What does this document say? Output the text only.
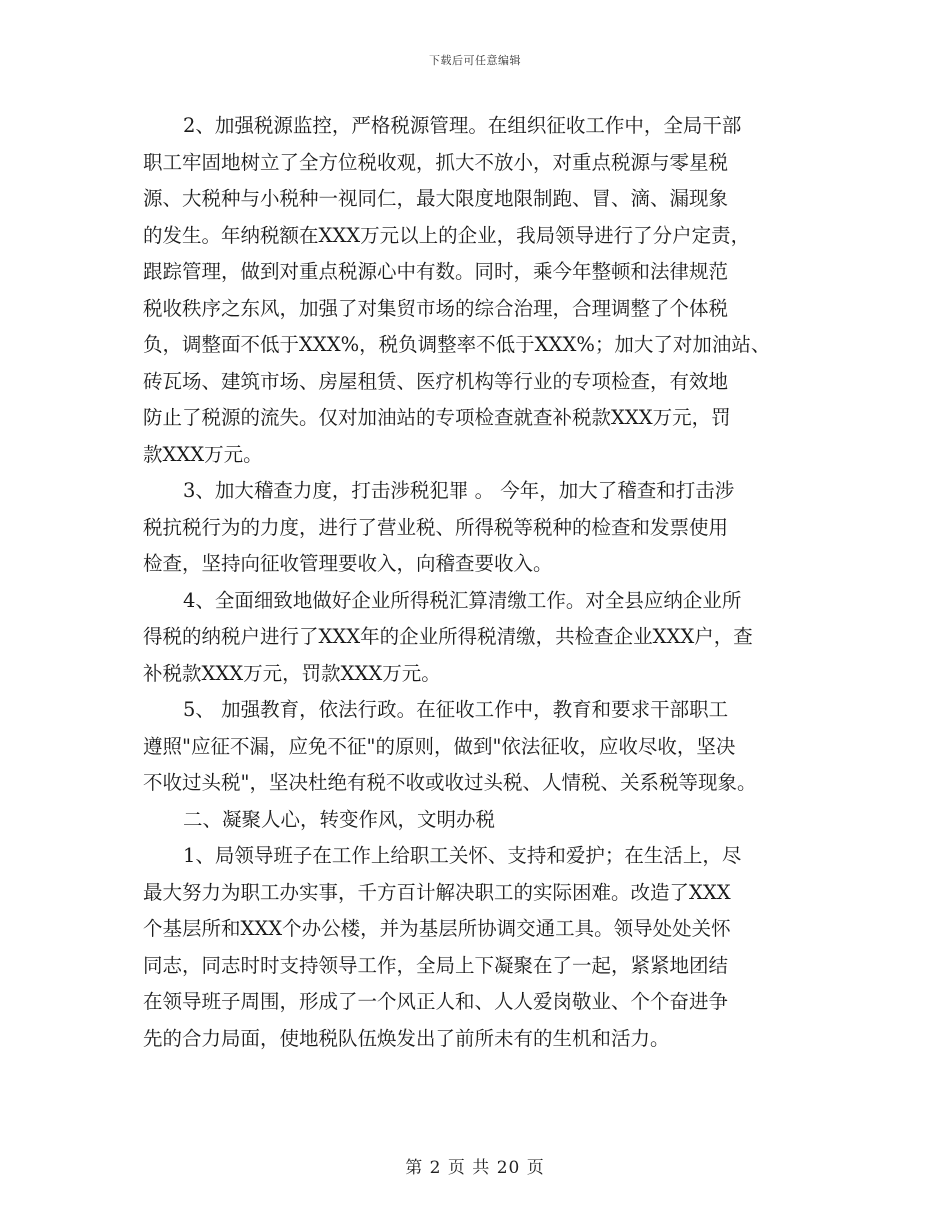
下载后可任意编辑
2、加强税源监控，严格税源管理。在组织征收工作中，全局干部
职工牢固地树立了全方位税收观，抓大不放小，对重点税源与零星税
源、大税种与小税种一视同仁，最大限度地限制跑、冒、滴、漏现象
的发生。年纳税额在XXX万元以上的企业，我局领导进行了分户定责，
跟踪管理，做到对重点税源心中有数。同时，乘今年整顿和法律规范
税收秩序之东风，加强了对集贸市场的综合治理，合理调整了个体税
负，调整面不低于XXX%，税负调整率不低于XXX%；加大了对加油站、
砖瓦场、建筑市场、房屋租赁、医疗机构等行业的专项检查，有效地
防止了税源的流失。仅对加油站的专项检查就查补税款XXX万元，罚
款XXX万元。
3、加大稽查力度，打击涉税犯罪 。 今年，加大了稽查和打击涉
税抗税行为的力度，进行了营业税、所得税等税种的检查和发票使用
检查，坚持向征收管理要收入，向稽查要收入。
4、全面细致地做好企业所得税汇算清缴工作。对全县应纳企业所
得税的纳税户进行了XXX年的企业所得税清缴，共检查企业XXX户，查
补税款XXX万元，罚款XXX万元。
5、 加强教育，依法行政。在征收工作中，教育和要求干部职工
遵照"应征不漏，应免不征"的原则，做到"依法征收，应收尽收，坚决
不收过头税"，坚决杜绝有税不收或收过头税、人情税、关系税等现象。
二、凝聚人心，转变作风，文明办税
1、局领导班子在工作上给职工关怀、支持和爱护；在生活上，尽
最大努力为职工办实事，千方百计解决职工的实际困难。改造了XXX
个基层所和XXX个办公楼，并为基层所协调交通工具。领导处处关怀
同志，同志时时支持领导工作，全局上下凝聚在了一起，紧紧地团结
在领导班子周围，形成了一个风正人和、人人爱岗敬业、个个奋进争
先的合力局面，使地税队伍焕发出了前所未有的生机和活力。
第 2 页 共 20 页
